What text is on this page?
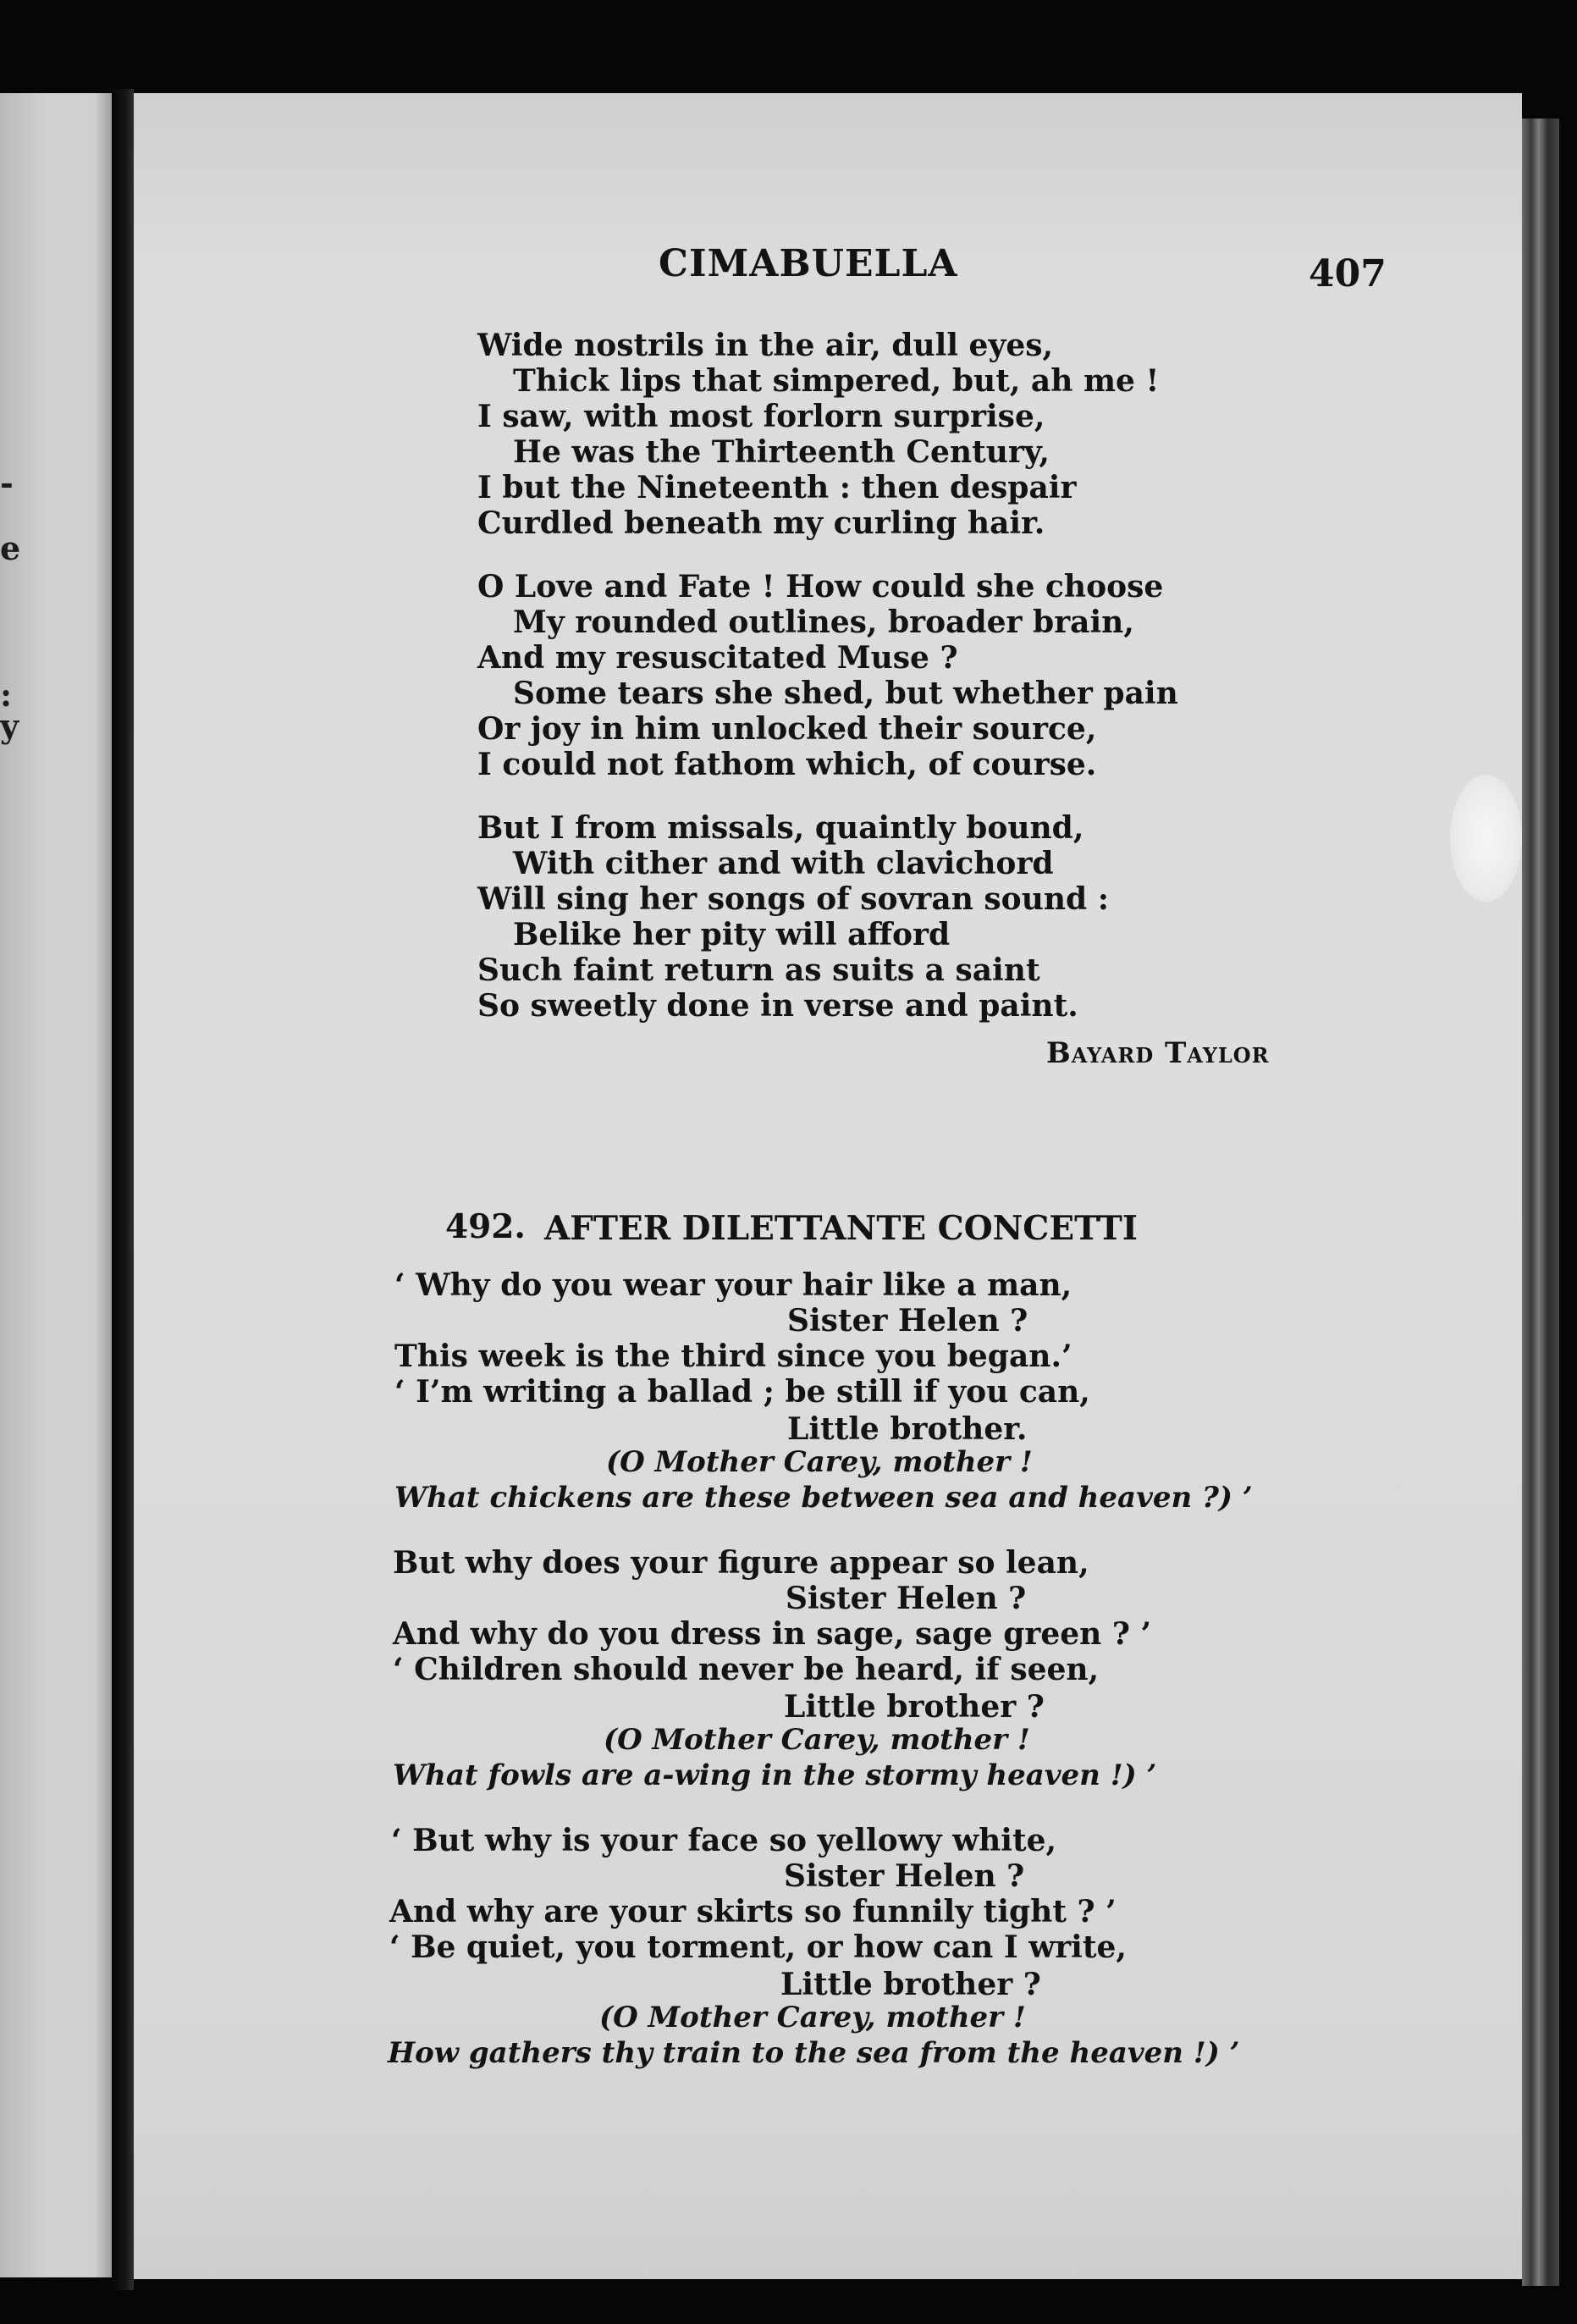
-
e
:
y

CIMABUELLA	407

Wide nostrils in the air, dull eyes,

Thick lips that simpered, but, ah me !

I saw, with most forlorn surprise,

He was the Thirteenth Century,

I but the Nineteenth : then despair

Curdled beneath my curling hair.

O Love and Fate ! How could she choose

My rounded outlines, broader brain,

And my resuscitated Muse ?

Some tears she shed, but whether pain

Or joy in him unlocked their source,

I could not fathom which, of course.

But I from missals, quaintly bound,

With cither and with clavichord

Will sing her songs of sovran sound :

Belike her pity will afford

Such faint return as suits a saint

So sweetly done in verse and paint.

Bayard Taylor

492. AFTER DILETTANTE CONCETTI

‘ Why do you wear your hair like a man,

Sister Helen ?

This week is the third since you began.’

‘ I’m writing a ballad ; be still if you can,

Little brother.

(O Mother Carey, mother !

What chickens are these between sea and heaven ?) ’

But why does your figure appear so lean,

Sister Helen ?

And why do you dress in sage, sage green ? ’

‘ Children should never be heard, if seen,

Little brother ?

(O Mother Carey, mother !

What fowls are a-wing in the stormy heaven !) ’

‘ But why is your face so yellowy white,

Sister Helen ?

And why are your skirts so funnily tight ? ’

‘ Be quiet, you torment, or how can I write,

Little brother ?

(O Mother Carey, mother !

How gathers thy train to the sea from the heaven !) ’
